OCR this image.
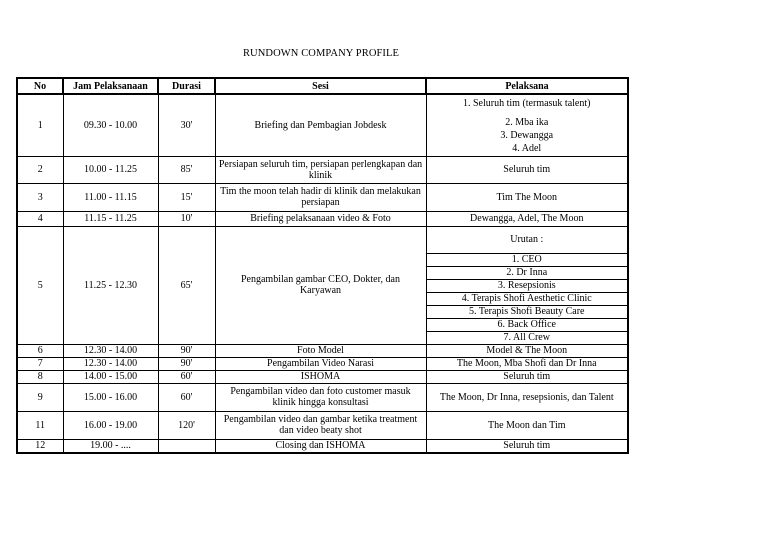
RUNDOWN COMPANY PROFILE
No	Jam Pelaksanaan	Durasi	Sesi	Pelaksana
1	09.30 - 10.00	30'	Briefing dan Pembagian Jobdesk	1. Seluruh tim (termasuk talent)
2. Mba ika
3. Dewangga
4. Adel

2	10.00 - 11.25	85'	Persiapan seluruh tim, persiapan perlengkapan dan klinik	Seluruh tim
3	11.00 - 11.15	15'	Tim the moon telah hadir di klinik dan melakukan persiapan	Tim The Moon
4	11.15 - 11.25	10'	Briefing pelaksanaan video & Foto	Dewangga, Adel, The Moon
5	11.25 - 12.30	65'	Pengambilan gambar CEO, Dokter, dan Karyawan	Urutan :
				1. CEO
				2. Dr Inna
				3. Resepsionis
				4. Terapis Shofi Aesthetic Clinic
				5. Terapis Shofi Beauty Care
				6. Back Office
				7. All Crew
6	12.30 - 14.00	90'	Foto Model	Model & The Moon
7	12.30 - 14.00	90'	Pengambilan Video Narasi	The Moon, Mba Shofi dan Dr Inna
8	14.00 - 15.00	60'	ISHOMA	Seluruh tim
9	15.00 - 16.00	60'	Pengambilan video dan foto customer masuk klinik hingga konsultasi	The Moon, Dr Inna, resepsionis, dan Talent
11	16.00 - 19.00	120'	Pengambilan video dan gambar ketika treatment dan video beaty shot	The Moon dan Tim
12	19.00 - ....		Closing dan ISHOMA	Seluruh tim
